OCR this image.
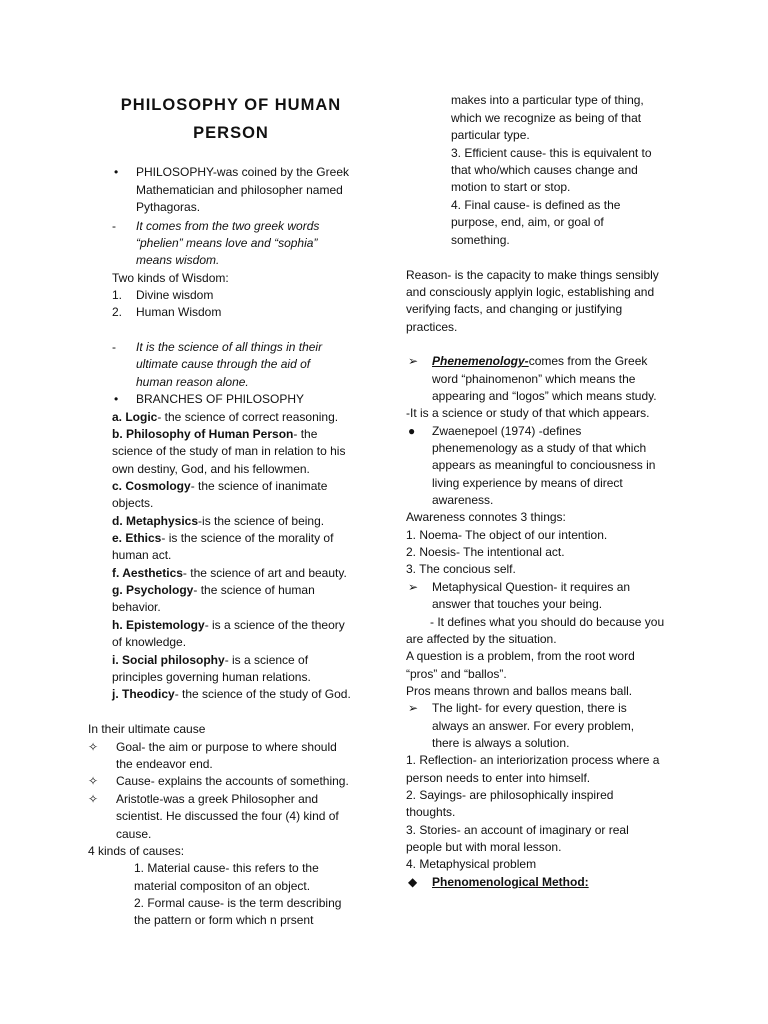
PHILOSOPHY OF HUMAN
PERSON
• PHILOSOPHY-was coined by the Greek
Mathematician and philosopher named
Pythagoras.
- It comes from the two greek words
“phelien” means love and “sophia”
means wisdom.
Two kinds of Wisdom:
1. Divine wisdom
2. Human Wisdom
- It is the science of all things in their
ultimate cause through the aid of
human reason alone.
• BRANCHES OF PHILOSOPHY
a. Logic- the science of correct reasoning.
b. Philosophy of Human Person- the
science of the study of man in relation to his
own destiny, God, and his fellowmen.
c. Cosmology- the science of inanimate
objects.
d. Metaphysics-is the science of being.
e. Ethics- is the science of the morality of
human act.
f. Aesthetics- the science of art and beauty.
g. Psychology- the science of human
behavior.
h. Epistemology- is a science of the theory
of knowledge.
i. Social philosophy- is a science of
principles governing human relations.
j. Theodicy- the science of the study of God.
In their ultimate cause
✧ Goal- the aim or purpose to where should
the endeavor end.
✧ Cause- explains the accounts of something.
✧ Aristotle-was a greek Philosopher and
scientist. He discussed the four (4) kind of
cause.
4 kinds of causes:
1. Material cause- this refers to the
material compositon of an object.
2. Formal cause- is the term describing
the pattern or form which n prsent
makes into a particular type of thing,
which we recognize as being of that
particular type.
3. Efficient cause- this is equivalent to
that who/which causes change and
motion to start or stop.
4. Final cause- is defined as the
purpose, end, aim, or goal of
something.
Reason- is the capacity to make things sensibly
and consciously applyin logic, establishing and
verifying facts, and changing or justifying
practices.
➢ Phenemenology-comes from the Greek
word “phainomenon” which means the
appearing and “logos” which means study.
-It is a science or study of that which appears.
● Zwaenepoel (1974) -defines
phenemenology as a study of that which
appears as meaningful to conciousness in
living experience by means of direct
awareness.
Awareness connotes 3 things:
1. Noema- The object of our intention.
2. Noesis- The intentional act.
3. The concious self.
➢ Metaphysical Question- it requires an
answer that touches your being.
- It defines what you should do because you
are affected by the situation.
A question is a problem, from the root word
“pros” and “ballos”.
Pros means thrown and ballos means ball.
➢ The light- for every question, there is
always an answer. For every problem,
there is always a solution.
1. Reflection- an interiorization process where a
person needs to enter into himself.
2. Sayings- are philosophically inspired
thoughts.
3. Stories- an account of imaginary or real
people but with moral lesson.
4. Metaphysical problem
◆ Phenomenological Method:
